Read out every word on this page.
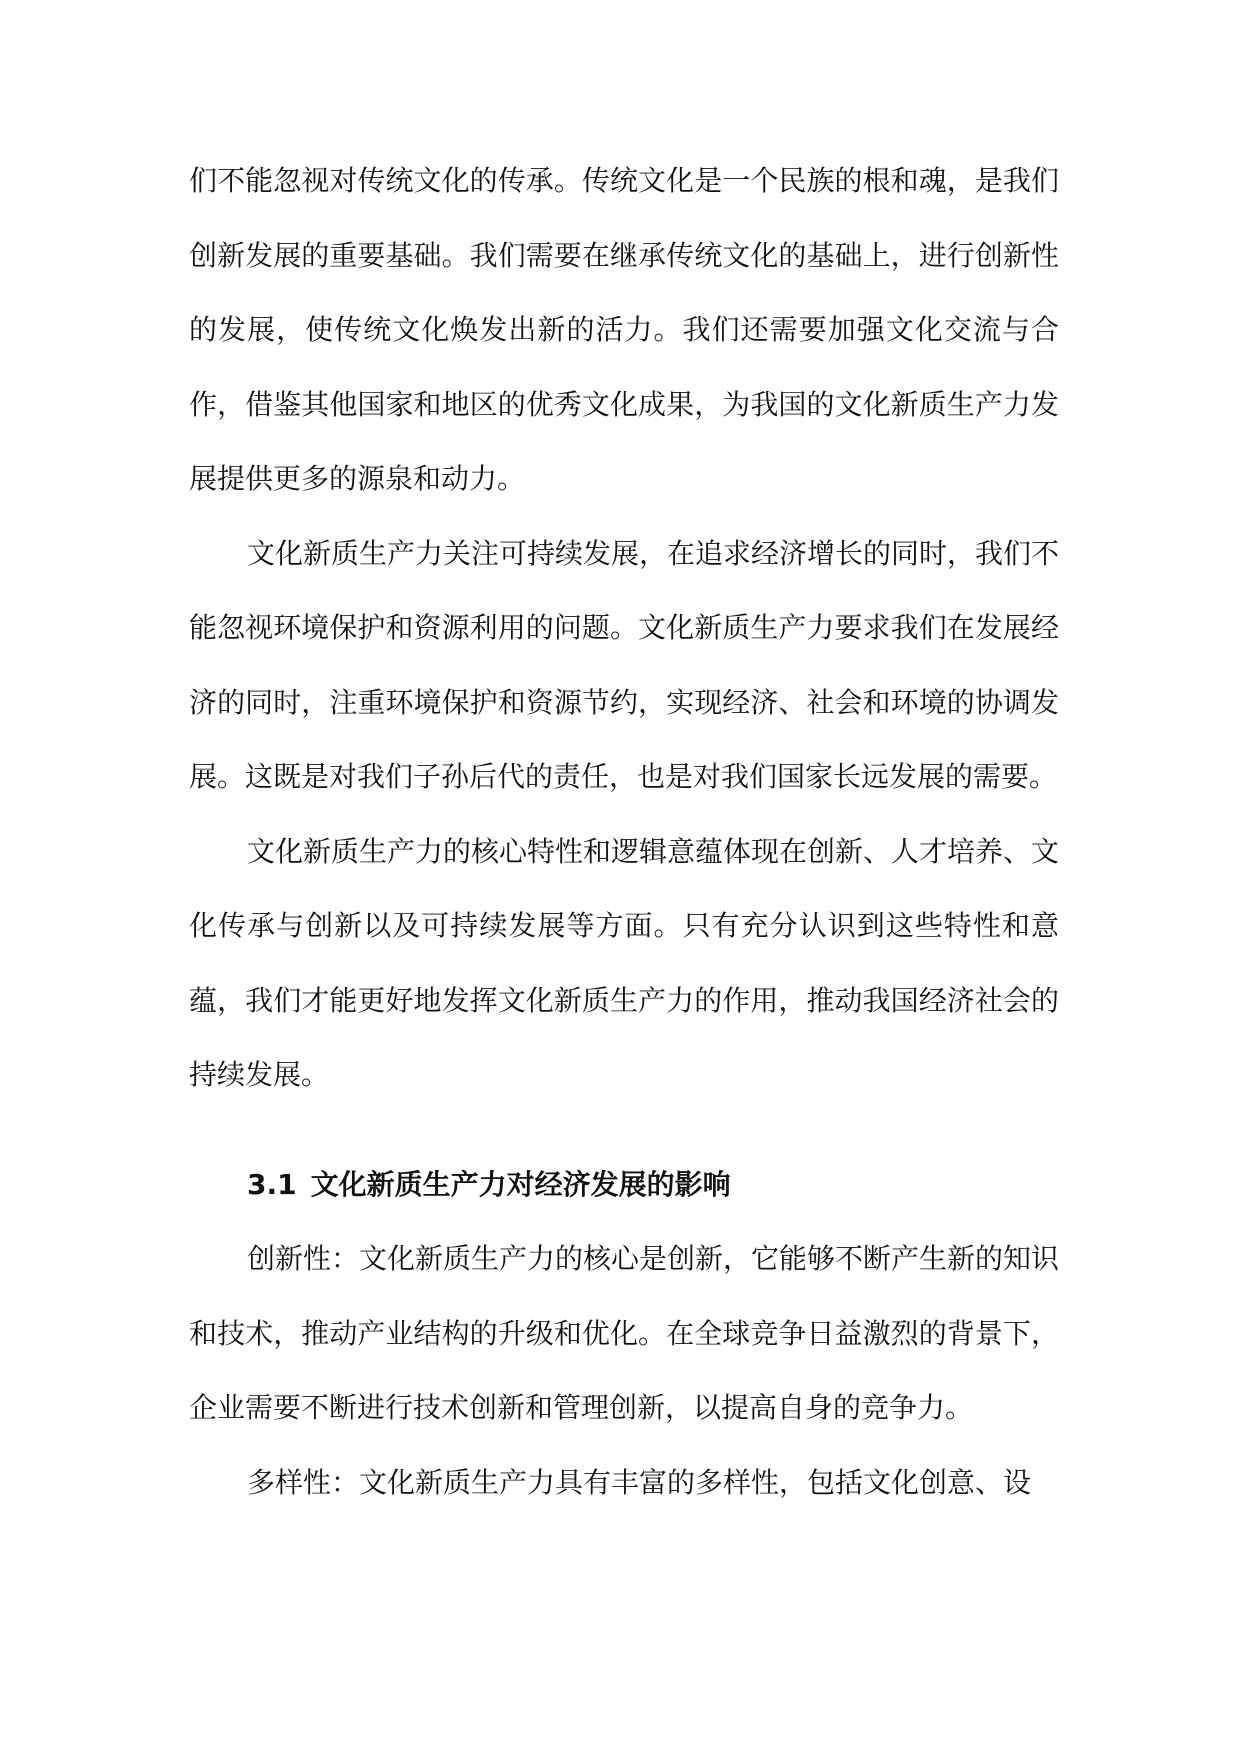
们不能忽视对传统文化的传承。传统文化是一个民族的根和魂，是我们创新发展的重要基础。我们需要在继承传统文化的基础上，进行创新性的发展，使传统文化焕发出新的活力。我们还需要加强文化交流与合作，借鉴其他国家和地区的优秀文化成果，为我国的文化新质生产力发展提供更多的源泉和动力。

文化新质生产力关注可持续发展，在追求经济增长的同时，我们不能忽视环境保护和资源利用的问题。文化新质生产力要求我们在发展经济的同时，注重环境保护和资源节约，实现经济、社会和环境的协调发展。这既是对我们子孙后代的责任，也是对我们国家长远发展的需要。

文化新质生产力的核心特性和逻辑意蕴体现在创新、人才培养、文化传承与创新以及可持续发展等方面。只有充分认识到这些特性和意蕴，我们才能更好地发挥文化新质生产力的作用，推动我国经济社会的持续发展。

3.1 文化新质生产力对经济发展的影响

创新性：文化新质生产力的核心是创新，它能够不断产生新的知识和技术，推动产业结构的升级和优化。在全球竞争日益激烈的背景下，企业需要不断进行技术创新和管理创新，以提高自身的竞争力。

多样性：文化新质生产力具有丰富的多样性，包括文化创意、设
